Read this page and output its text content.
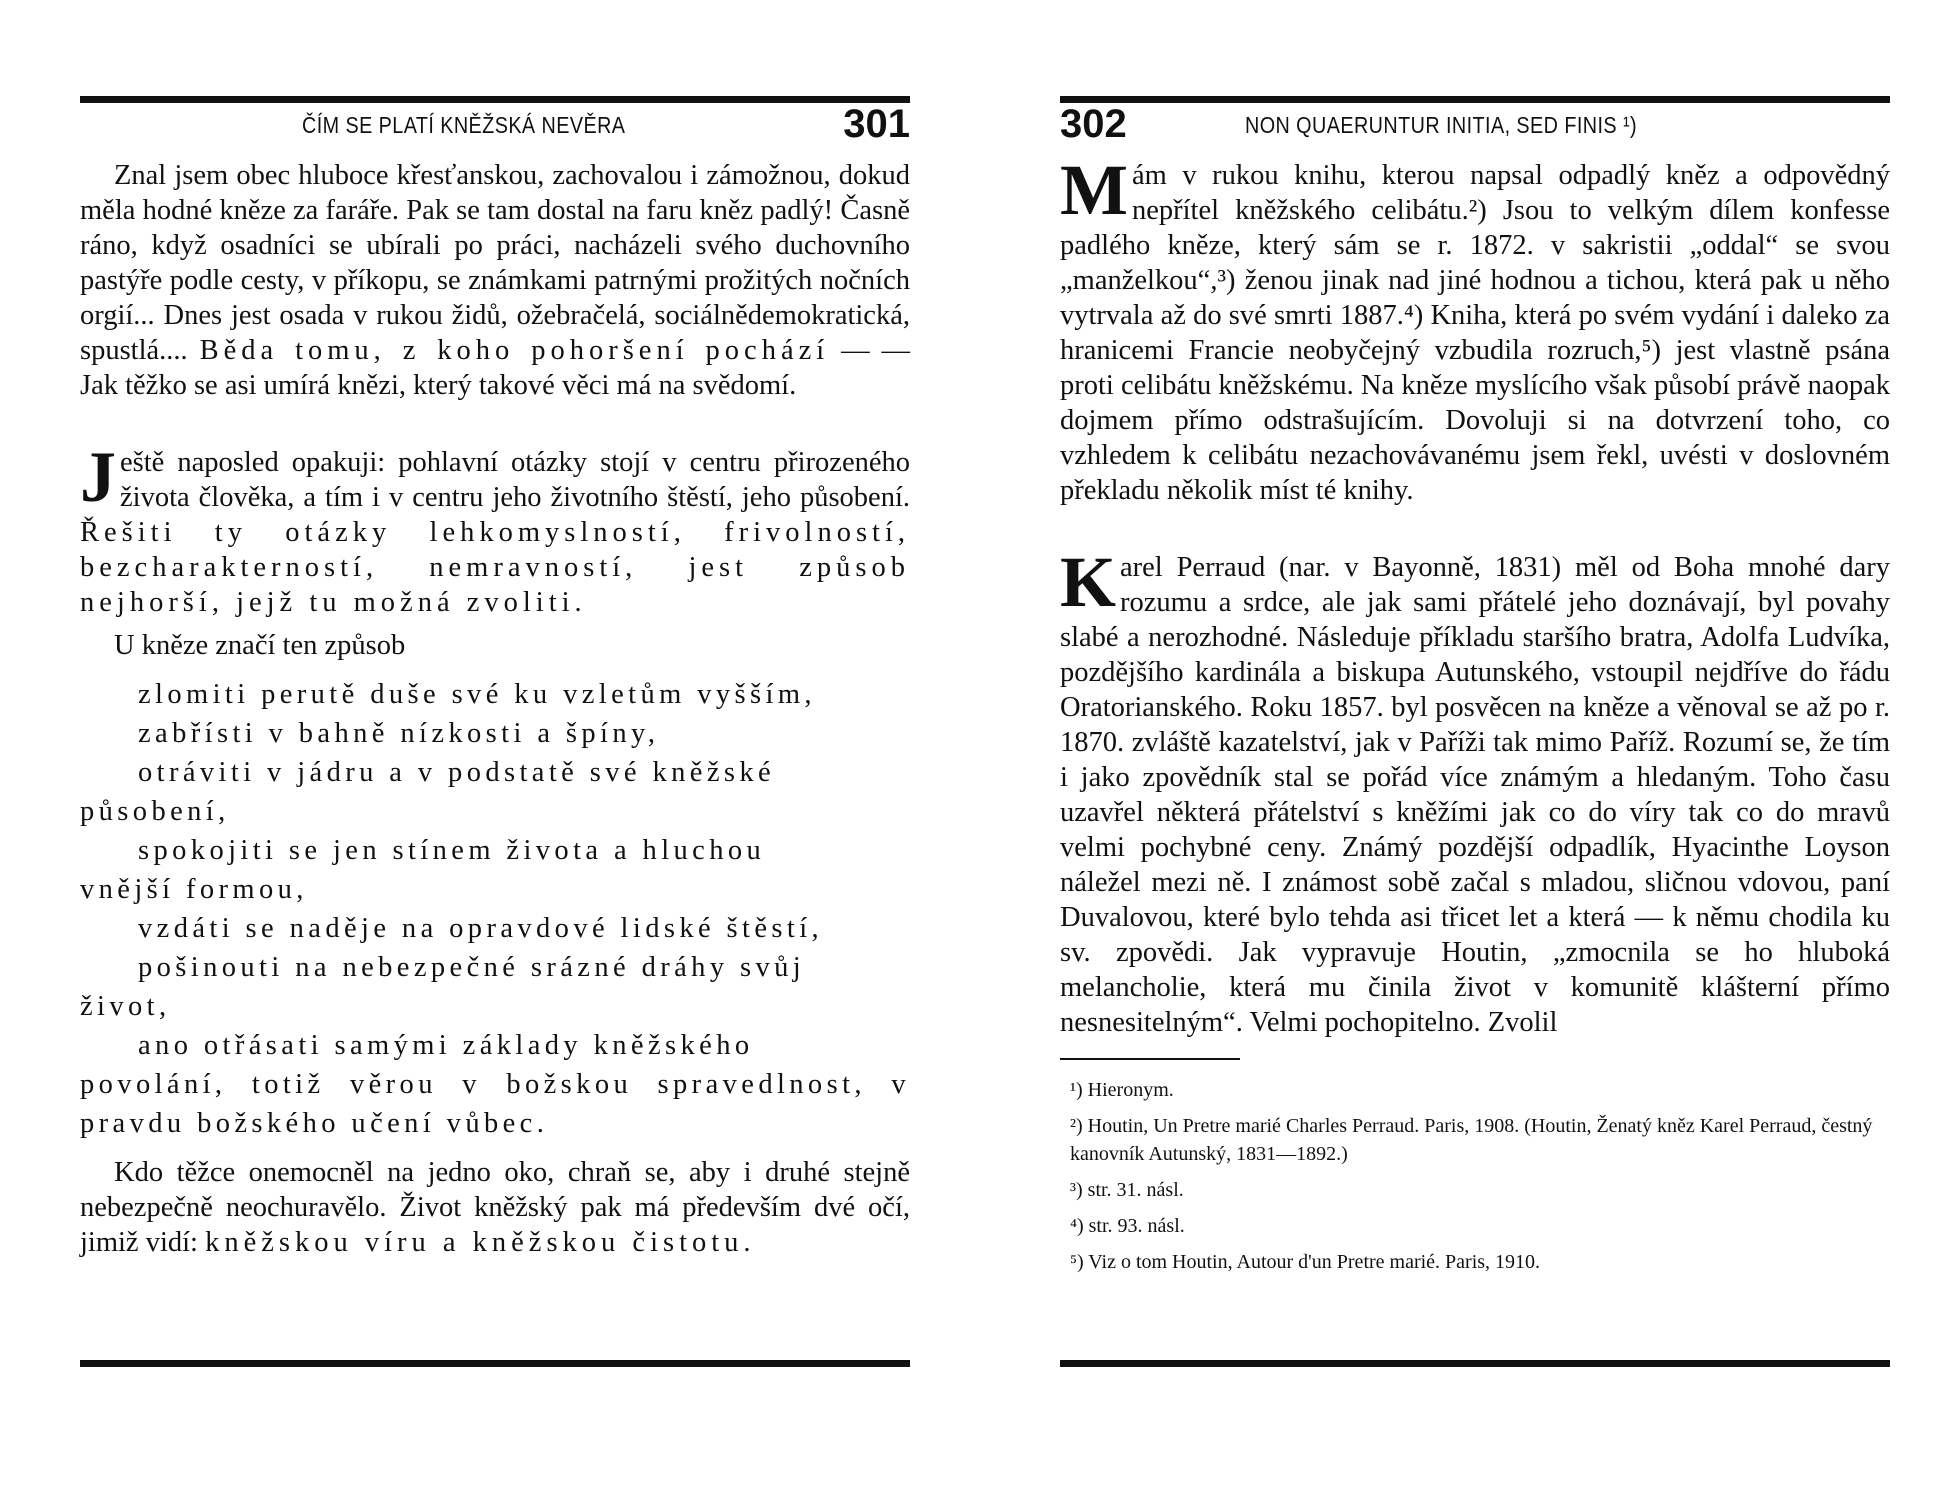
ČÍM SE PLATÍ KNĚŽSKÁ NEVĚRA	301

Znal jsem obec hluboce křesťanskou, zachovalou i zámožnou, dokud měla hodné kněze za faráře. Pak se tam dostal na faru kněz padlý! Časně ráno, když osadníci se ubírali po práci, nacházeli svého duchovního pastýře podle cesty, v příkopu, se známkami patrnými prožitých nočních orgií... Dnes jest osada v rukou židů, ožebračelá, sociálnědemokratická, spustlá.... Běda tomu, z koho pohoršení pochází — — Jak těžko se asi umírá knězi, který takové věci má na svědomí.

Ještě naposled opakuji: pohlavní otázky stojí v centru přirozeného života člověka, a tím i v centru jeho životního štěstí, jeho působení. Řešiti ty otázky lehkomyslností, frivolností, bezcharakterností, nemravností, jest způsob nejhorší, jejž tu možná zvoliti.

U kněze značí ten způsob

zlomiti perutě duše své ku vzletům vyšším,

zabřísti v bahně nízkosti a špíny,

otráviti v jádru a v podstatě své kněžské

působení,

spokojiti se jen stínem života a hluchou

vnější formou,

vzdáti se naděje na opravdové lidské štěstí,

pošinouti na nebezpečné srázné dráhy svůj

život,

ano otřásati samými základy kněžského

povolání, totiž věrou v božskou spravedlnost, v pravdu božského učení vůbec.

Kdo těžce onemocněl na jedno oko, chraň se, aby i druhé stejně nebezpečně neochuravělo. Život kněžský pak má především dvé očí, jimiž vidí: kněžskou víru a kněžskou čistotu.

302	NON QUAERUNTUR INITIA, SED FINIS ¹)

Mám v rukou knihu, kterou napsal odpadlý kněz a odpovědný nepřítel kněžského celibátu.²) Jsou to velkým dílem konfesse padlého kněze, který sám se r. 1872. v sakristii „oddal“ se svou „manželkou“,³) ženou jinak nad jiné hodnou a tichou, která pak u něho vytrvala až do své smrti 1887.⁴) Kniha, která po svém vydání i daleko za hranicemi Francie neobyčejný vzbudila rozruch,⁵) jest vlastně psána proti celibátu kněžskému. Na kněze myslícího však působí právě naopak dojmem přímo odstrašujícím. Dovoluji si na dotvrzení toho, co vzhledem k celibátu nezachovávanému jsem řekl, uvésti v doslovném překladu několik míst té knihy.

Karel Perraud (nar. v Bayonně, 1831) měl od Boha mnohé dary rozumu a srdce, ale jak sami přátelé jeho doznávají, byl povahy slabé a nerozhodné. Následuje příkladu staršího bratra, Adolfa Ludvíka, pozdějšího kardinála a biskupa Autunského, vstoupil nejdříve do řádu Oratorianského. Roku 1857. byl posvěcen na kněze a věnoval se až po r. 1870. zvláště kazatelství, jak v Paříži tak mimo Paříž. Rozumí se, že tím i jako zpovědník stal se pořád více známým a hledaným. Toho času uzavřel některá přátelství s kněžími jak co do víry tak co do mravů velmi pochybné ceny. Známý pozdější odpadlík, Hyacinthe Loyson náležel mezi ně. I známost sobě začal s mladou, sličnou vdovou, paní Duvalovou, které bylo tehda asi třicet let a která — k němu chodila ku sv. zpovědi. Jak vypravuje Houtin, „zmocnila se ho hluboká melancholie, která mu činila život v komunitě klášterní přímo nesnesitelným“. Velmi pochopitelno. Zvolil

¹) Hieronym.

²) Houtin, Un Pretre marié Charles Perraud. Paris, 1908. (Houtin, Ženatý kněz Karel Perraud, čestný kanovník Autunský, 1831—1892.)

³) str. 31. násl.

⁴) str. 93. násl.

⁵) Viz o tom Houtin, Autour d'un Pretre marié. Paris, 1910.
